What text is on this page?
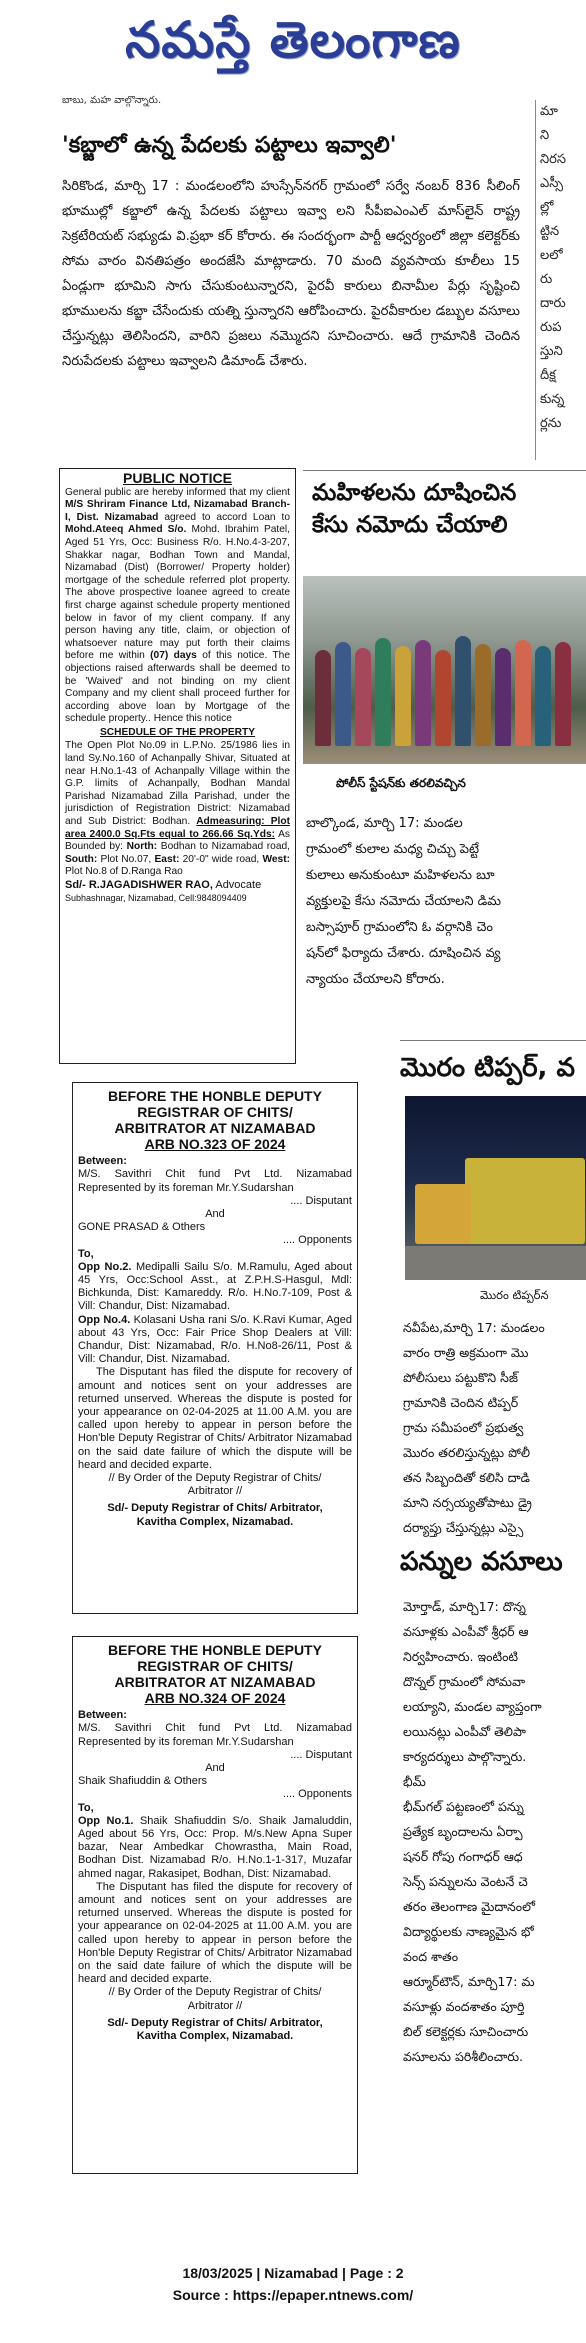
నమస్తే తెలంగాణ
బాబు, మహ వాల్గొన్నారు.
'కబ్జాలో ఉన్న పేదలకు పట్టాలు ఇవ్వాలి'
సిరికొండ, మార్చి 17 : మండలంలోని హుస్సేన్‌నగర్ గ్రామంలో సర్వే నంబర్ 836 సీలింగ్ భూముల్లో కబ్జాలో ఉన్న పేదలకు పట్టాలు ఇవ్వా లని సీపీఐఎంఎల్ మాస్‌లైన్ రాష్ట్ర సెక్రటేరియట్ సభ్యుడు వి.ప్రభా కర్ కోరారు. ఈ సందర్భంగా పార్టీ ఆధ్వర్యంలో జిల్లా కలెక్టర్‌కు సోమ వారం వినతిపత్రం అందజేసి మాట్లాడారు. 70 మంది వ్యవసాయ కూలీలు 15 ఏండ్లుగా భూమిని సాగు చేసుకుంటున్నారని, పైరవీ కారులు బినామీల పేర్లు సృష్టించి భూములను కబ్జా చేసేందుకు యత్ని స్తున్నారని ఆరోపించారు. పైరవీకారుల డబ్బుల వసూలు చేస్తున్నట్లు తెలిసిందని, వారిని ప్రజలు నమ్మొదని సూచించారు. ఆదే గ్రామానికి చెందిన నిరుపేదలకు పట్టాలు ఇవ్వాలని డిమాండ్ చేశారు.
మా
ని
నిరస
ఎస్సీ
ల్లో
ట్టిన
లలో
రు
దారు
రుప
స్తుని
దీక్ష
కున్న
ర్లను
PUBLIC NOTICE

General public are hereby informed that my client M/S Shriram Finance Ltd, Nizamabad Branch-I, Dist. Nizamabad agreed to accord Loan to Mohd.Ateeq Ahmed S/o. Mohd. Ibrahim Patel, Aged 51 Yrs, Occ: Business R/o. H.No.4-3-207, Shakkar nagar, Bodhan Town and Mandal, Nizamabad (Dist) (Borrower/ Property holder) mortgage of the schedule referred plot property. The above prospective loanee agreed to create first charge against schedule property mentioned below in favor of my client company. If any person having any title, claim, or objection of whatsoever nature may put forth their claims before me within (07) days of this notice. The objections raised afterwards shall be deemed to be 'Waived' and not binding on my client Company and my client shall proceed further for according above loan by Mortgage of the schedule property.. Hence this notice

SCHEDULE OF THE PROPERTY

The Open Plot No.09 in L.P.No. 25/1986 lies in land Sy.No.160 of Achanpally Shivar, Situated at near H.No.1-43 of Achanpally Village within the G.P. limits of Achanpally, Bodhan Mandal Parishad Nizamabad Zilla Parishad, under the jurisdiction of Registration District: Nizamabad and Sub District: Bodhan. Admeasuring: Plot area 2400.0 Sq.Fts equal to 266.66 Sq.Yds: As Bounded by: North: Bodhan to Nizamabad road, South: Plot No.07, East: 20'-0" wide road, West: Plot No.8 of D.Ranga Rao

Sd/- R.JAGADISHWER RAO, Advocate

Subhashnagar, Nizamabad, Cell:9848094409

BEFORE THE HONBLE DEPUTY
REGISTRAR OF CHITS/
ARBITRATOR AT NIZAMABAD
ARB NO.323 OF 2024

Between:

M/S. Savithri Chit fund Pvt Ltd. Nizamabad Represented by its foreman Mr.Y.Sudarshan

.... Disputant

And

GONE PRASAD & Others

.... Opponents

To,

Opp No.2. Medipalli Sailu S/o. M.Ramulu, Aged about 45 Yrs, Occ:School Asst., at Z.P.H.S-Hasgul, Mdl: Bichkunda, Dist: Kamareddy. R/o. H.No.7-109, Post & Vill: Chandur, Dist: Nizamabad.

Opp No.4. Kolasani Usha rani S/o. K.Ravi Kumar, Aged about 43 Yrs, Occ: Fair Price Shop Dealers at Vill: Chandur, Dist: Nizamabad, R/o. H.No8-26/11, Post & Vill: Chandur, Dist. Nizamabad.

The Disputant has filed the dispute for recovery of amount and notices sent on your addresses are returned unserved. Whereas the dispute is posted for your appearance on 02-04-2025 at 11.00 A.M. you are called upon hereby to appear in person before the Hon'ble Deputy Registrar of Chits/ Arbitrator Nizamabad on the said date failure of which the dispute will be heard and decided exparte.

// By Order of the Deputy Registrar of Chits/
Arbitrator //

Sd/- Deputy Registrar of Chits/ Arbitrator,
Kavitha Complex, Nizamabad.

BEFORE THE HONBLE DEPUTY
REGISTRAR OF CHITS/
ARBITRATOR AT NIZAMABAD
ARB NO.324 OF 2024

Between:

M/S. Savithri Chit fund Pvt Ltd. Nizamabad Represented by its foreman Mr.Y.Sudarshan

.... Disputant

And

Shaik Shafiuddin & Others

.... Opponents

To,

Opp No.1. Shaik Shafiuddin S/o. Shaik Jamaluddin, Aged about 56 Yrs, Occ: Prop. M/s.New Apna Super bazar, Near Ambedkar Chowrastha, Main Road, Bodhan Dist. Nizamabad R/o. H.No.1-1-317, Muzafar ahmed nagar, Rakasipet, Bodhan, Dist: Nizamabad.

The Disputant has filed the dispute for recovery of amount and notices sent on your addresses are returned unserved. Whereas the dispute is posted for your appearance on 02-04-2025 at 11.00 A.M. you are called upon hereby to appear in person before the Hon'ble Deputy Registrar of Chits/ Arbitrator Nizamabad on the said date failure of which the dispute will be heard and decided exparte.

// By Order of the Deputy Registrar of Chits/
Arbitrator //

Sd/- Deputy Registrar of Chits/ Arbitrator,
Kavitha Complex, Nizamabad.

మహిళలను దూషించిన
కేసు నమోదు చేయాలి
పోలీస్ స్టేషన్‌కు తరలివచ్చిన
బాల్కొండ, మార్చి 17: మండల
గ్రామంలో కులాల మధ్య చిచ్చు పెట్టే
కులాలు అనుకుంటూ మహిళలను బూ
వ్యక్తులపై కేసు నమోదు చేయాలని డిమ
బస్సాపూర్ గ్రామంలోని ఓ వర్గానికి చెం
షన్‌లో ఫిర్యాదు చేశారు. దూషించిన వ్య
న్యాయం చేయాలని కోరారు.
మొరం టిప్పర్, వ
మొరం టిప్పర్‌న
నవీపేట,మార్చి 17: మండలం
వారం రాత్రి అక్రమంగా మొ
పోలీసులు పట్టుకొని సీజ్
గ్రామానికి చెందిన టిప్పర్
గ్రామ సమీపంలో ప్రభుత్వ
మొరం తరలిస్తున్నట్లు పోలీ
తన సిబ్బందితో కలిసి దాడి
మాని నర్సయ్యతోపాటు డ్రై
దర్యాప్తు చేస్తున్నట్లు ఎస్సై
పన్నుల వసూలు
మోర్తాడ్, మార్చి17: దొన్న
వసూళ్లకు ఎంపీవో శ్రీధర్ ఆ
నిర్వహించారు. ఇంటింటి
దొన్నల్ గ్రామంలో సోమవా
లయ్యాని, మండల వ్యాప్తంగా
లయినట్లు ఎంపీవో తెలిపా
కార్యదర్శులు పాల్గొన్నారు.
భీమ్
భీమ్‌గల్ పట్టణంలో పన్ను
ప్రత్యేక బృందాలను ఏర్పా
షనర్ గోపు గంగాధర్ ఆధ
సెన్స్ పన్నులను వెంటనే చె
తరం తెలంగాణ మైదానంలో
విద్యార్థులకు నాణ్యమైన భో
వంద శాతం
ఆర్మూర్‌టౌన్, మార్చి17: మ
వసూళ్లు వందశాతం పూర్తి
బిల్ కలెక్టర్లకు సూచించారు
వసూలను పరిశీలించారు.
18/03/2025 | Nizamabad | Page : 2
Source : https://epaper.ntnews.com/
